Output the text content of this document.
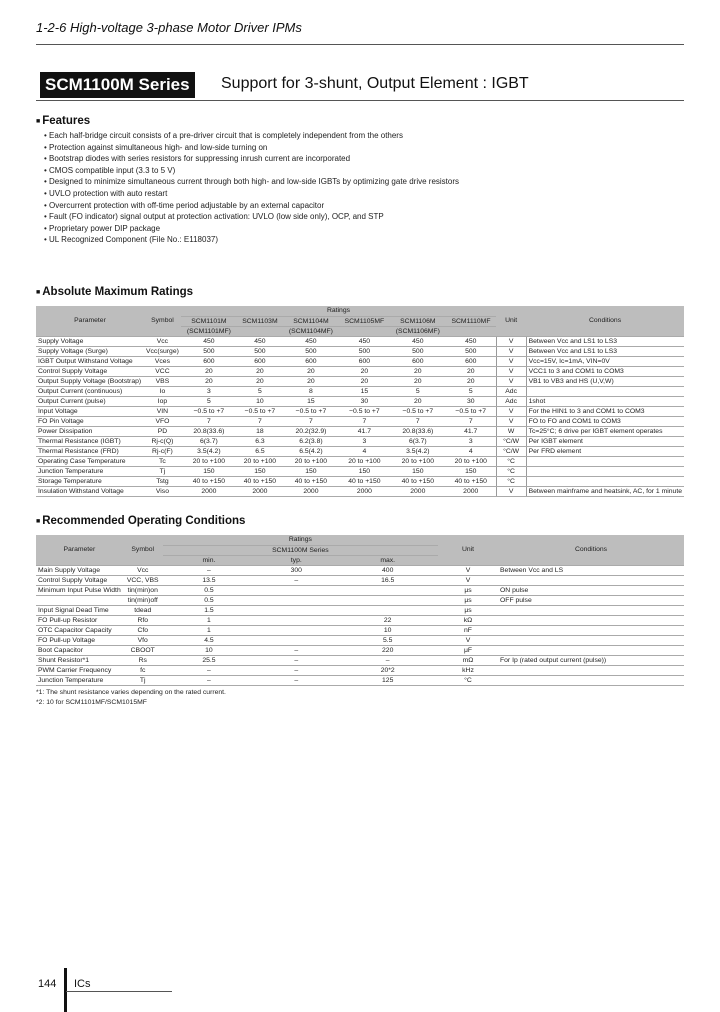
1-2-6 High-voltage 3-phase Motor Driver IPMs
SCM1100M Series	Support for 3-shunt, Output Element : IGBT
■ Features
• Each half-bridge circuit consists of a pre-driver circuit that is completely independent from the others
• Protection against simultaneous high- and low-side turning on
• Bootstrap diodes with series resistors for suppressing inrush current are incorporated
• CMOS compatible input (3.3 to 5 V)
• Designed to minimize simultaneous current through both high- and low-side IGBTs by optimizing gate drive resistors
• UVLO protection with auto restart
• Overcurrent protection with off-time period adjustable by an external capacitor
• Fault (FO indicator) signal output at protection activation: UVLO (low side only), OCP, and STP
• Proprietary power DIP package
• UL Recognized Component (File No.: E118037)
■ Absolute Maximum Ratings
Parameter	Symbol	Ratings						Unit	Conditions
		SCM1101M	SCM1103M	SCM1104M	SCM1105MF	SCM1106M	SCM1110MF		
		(SCM1101MF)		(SCM1104MF)		(SCM1106MF)			
Supply Voltage	Vcc	450	450	450	450	450	450	V	Between Vcc and LS1 to LS3
Supply Voltage (Surge)	Vcc(surge)	500	500	500	500	500	500	V	Between Vcc and LS1 to LS3
IGBT Output Withstand Voltage	Vces	600	600	600	600	600	600	V	Vcc=15V, Ic=1mA, VIN=0V
Control Supply Voltage	VCC	20	20	20	20	20	20	V	VCC1 to 3 and COM1 to COM3
Output Supply Voltage (Bootstrap)	VBS	20	20	20	20	20	20	V	VB1 to VB3 and HS (U,V,W)
Output Current (continuous)	Io	3	5	8	15	5	5	Adc	
Output Current (pulse)	Iop	5	10	15	30	20	30	Adc	1shot
Input Voltage	VIN	−0.5 to +7	−0.5 to +7	−0.5 to +7	−0.5 to +7	−0.5 to +7	−0.5 to +7	V	For the HIN1 to 3 and COM1 to COM3
FO Pin Voltage	VFO	7	7	7	7	7	7	V	FO to FO and COM1 to COM3
Power Dissipation	PD	20.8(33.6)	18	20.2(32.9)	41.7	20.8(33.6)	41.7	W	Tc=25°C; 6 drive per IGBT element operates
Thermal Resistance (IGBT)	Rj-c(Q)	6(3.7)	6.3	6.2(3.8)	3	6(3.7)	3	°C/W	Per IGBT element
Thermal Resistance (FRD)	Rj-c(F)	3.5(4.2)	6.5	6.5(4.2)	4	3.5(4.2)	4	°C/W	Per FRD element
Operating Case Temperature	Tc	20 to +100	20 to +100	20 to +100	20 to +100	20 to +100	20 to +100	°C	
Junction Temperature	Tj	150	150	150	150	150	150	°C	
Storage Temperature	Tstg	40 to +150	40 to +150	40 to +150	40 to +150	40 to +150	40 to +150	°C	
Insulation Withstand Voltage	Viso	2000	2000	2000	2000	2000	2000	V	Between mainframe and heatsink, AC, for 1 minute
■ Recommended Operating Conditions
Parameter	Symbol	Ratings			Unit	Conditions
		SCM1100M Series				
		min.	typ.	max.		
Main Supply Voltage	Vcc	–	300	400	V	Between Vcc and LS
Control Supply Voltage	VCC, VBS	13.5	–	16.5	V	
Minimum Input Pulse Width	tin(min)on	0.5			μs	ON pulse
	tin(min)off	0.5			μs	OFF pulse
Input Signal Dead Time	tdead	1.5			μs	
FO Pull-up Resistor	Rfo	1		22	kΩ	
OTC Capacitor Capacity	Cfo	1		10	nF	
FO Pull-up Voltage	Vfo	4.5		5.5	V	
Boot Capacitor	CBOOT	10	–	220	μF	
Shunt Resistor*1	Rs	25.5	–	–	mΩ	For Ip (rated output current (pulse))
PWM Carrier Frequency	fc	–	–	20*2	kHz	
Junction Temperature	Tj	–	–	125	°C	
*1: The shunt resistance varies depending on the rated current.
*2: 10 for SCM1101MF/SCM1015MF
144 ICs
